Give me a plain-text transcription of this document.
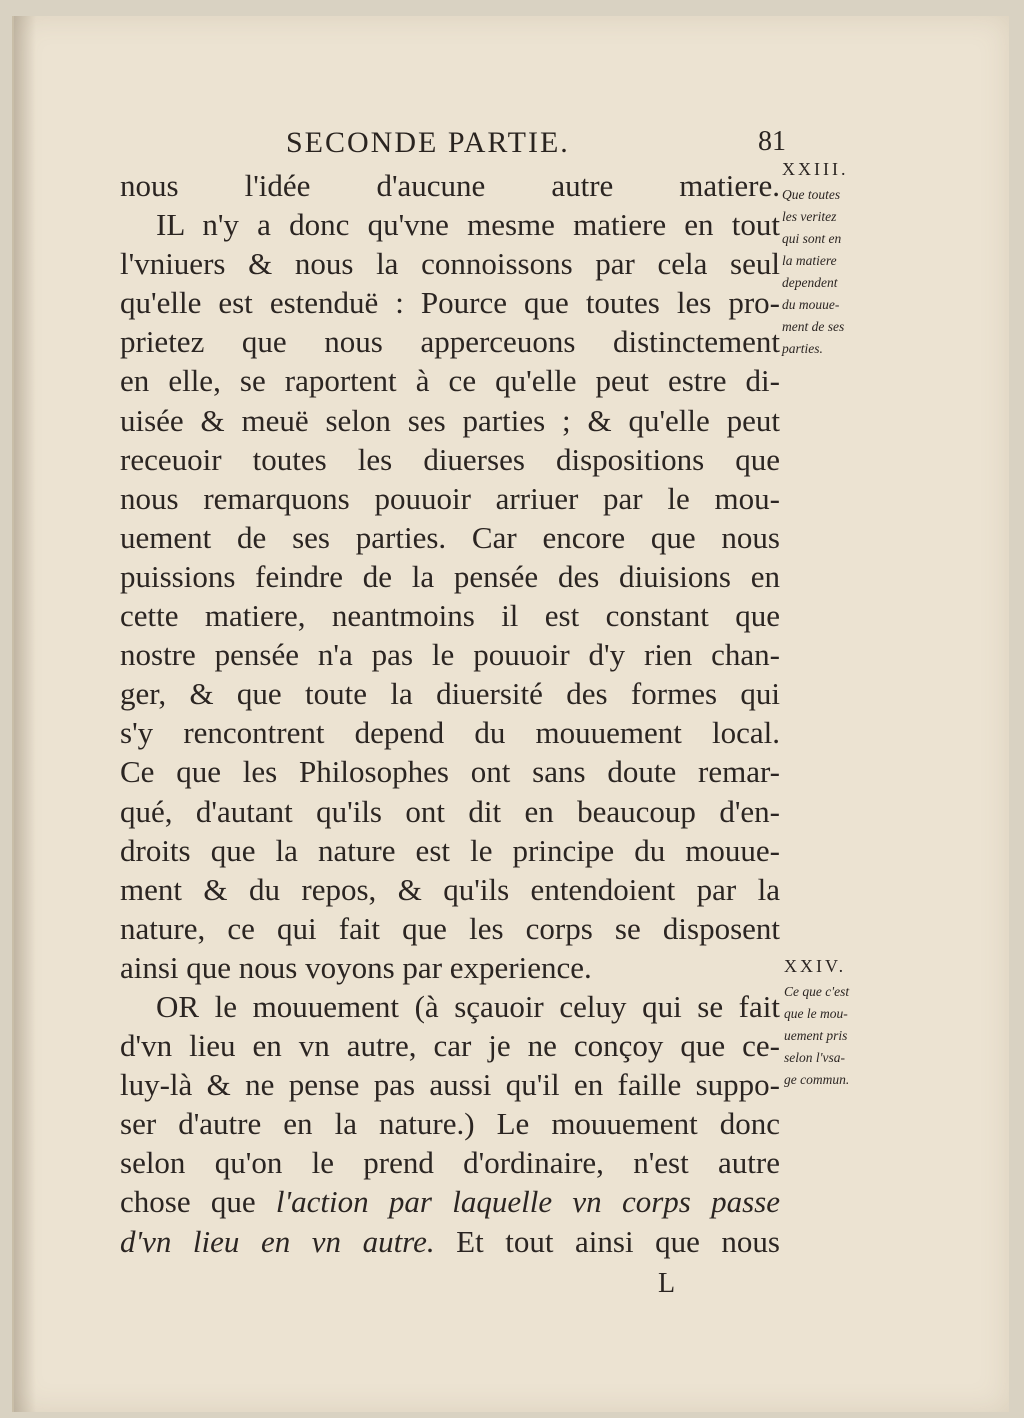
SECONDE PARTIE.	81
nous l'idée d'aucune autre matiere.
IL n'y a donc qu'vne mesme matiere en tout
l'vniuers & nous la connoissons par cela seul
qu'elle est estenduë : Pource que toutes les pro-
prietez que nous apperceuons distinctement
en elle, se raportent à ce qu'elle peut estre di-
uisée & meuë selon ses parties ; & qu'elle peut
receuoir toutes les diuerses dispositions que
nous remarquons pouuoir arriuer par le mou-
uement de ses parties. Car encore que nous
puissions feindre de la pensée des diuisions en
cette matiere, neantmoins il est constant que
nostre pensée n'a pas le pouuoir d'y rien chan-
ger, & que toute la diuersité des formes qui
s'y rencontrent depend du mouuement local.
Ce que les Philosophes ont sans doute remar-
qué, d'autant qu'ils ont dit en beaucoup d'en-
droits que la nature est le principe du mouue-
ment & du repos, & qu'ils entendoient par la
nature, ce qui fait que les corps se disposent
ainsi que nous voyons par experience.
OR le mouuement (à sçauoir celuy qui se fait
d'vn lieu en vn autre, car je ne conçoy que ce-
luy-là & ne pense pas aussi qu'il en faille suppo-
ser d'autre en la nature.) Le mouuement donc
selon qu'on le prend d'ordinaire, n'est autre
chose que l'action par laquelle vn corps passe
d'vn lieu en vn autre. Et tout ainsi que nous
XXIII.
Que toutes
les veritez
qui sont en
la matiere
dependent
du mouue-
ment de ses
parties.
XXIV.
Ce que c'est
que le mou-
uement pris
selon l'vsa-
ge commun.
L
